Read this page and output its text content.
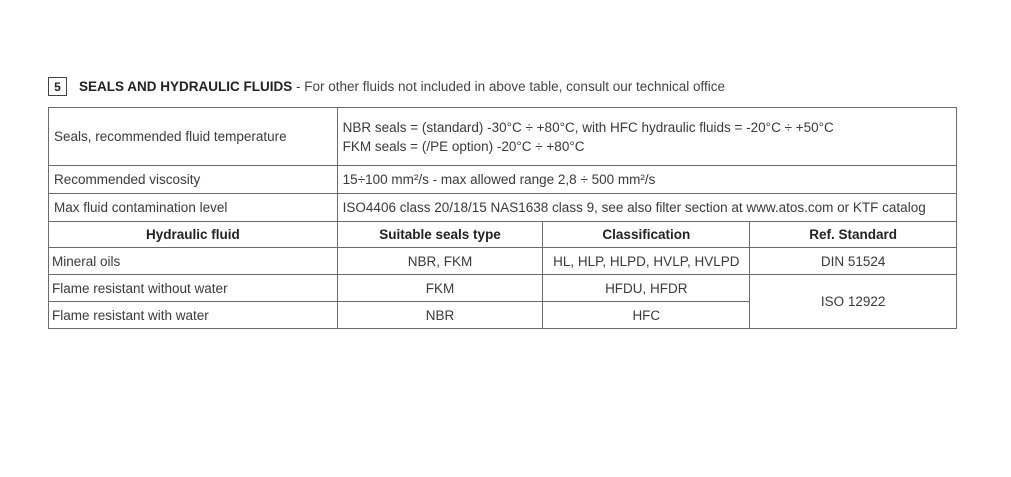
5	SEALS AND HYDRAULIC FLUIDS - For other fluids not included in above table, consult our technical office
Seals, recommended fluid temperature	NBR seals = (standard) -30°C ÷ +80°C, with HFC hydraulic fluids = -20°C ÷ +50°C
FKM seals = (/PE option) -20°C ÷ +80°C		

Recommended viscosity	15÷100 mm²/s - max allowed range 2,8 ÷ 500 mm²/s		
Max fluid contamination level	ISO4406 class 20/18/15 NAS1638 class 9, see also filter section at www.atos.com or KTF catalog		
Hydraulic fluid	Suitable seals type	Classification	Ref. Standard
Mineral oils	NBR, FKM	HL, HLP, HLPD, HVLP, HVLPD	DIN 51524
Flame resistant without water	FKM	HFDU, HFDR	ISO 12922
Flame resistant with water	NBR	HFC	
